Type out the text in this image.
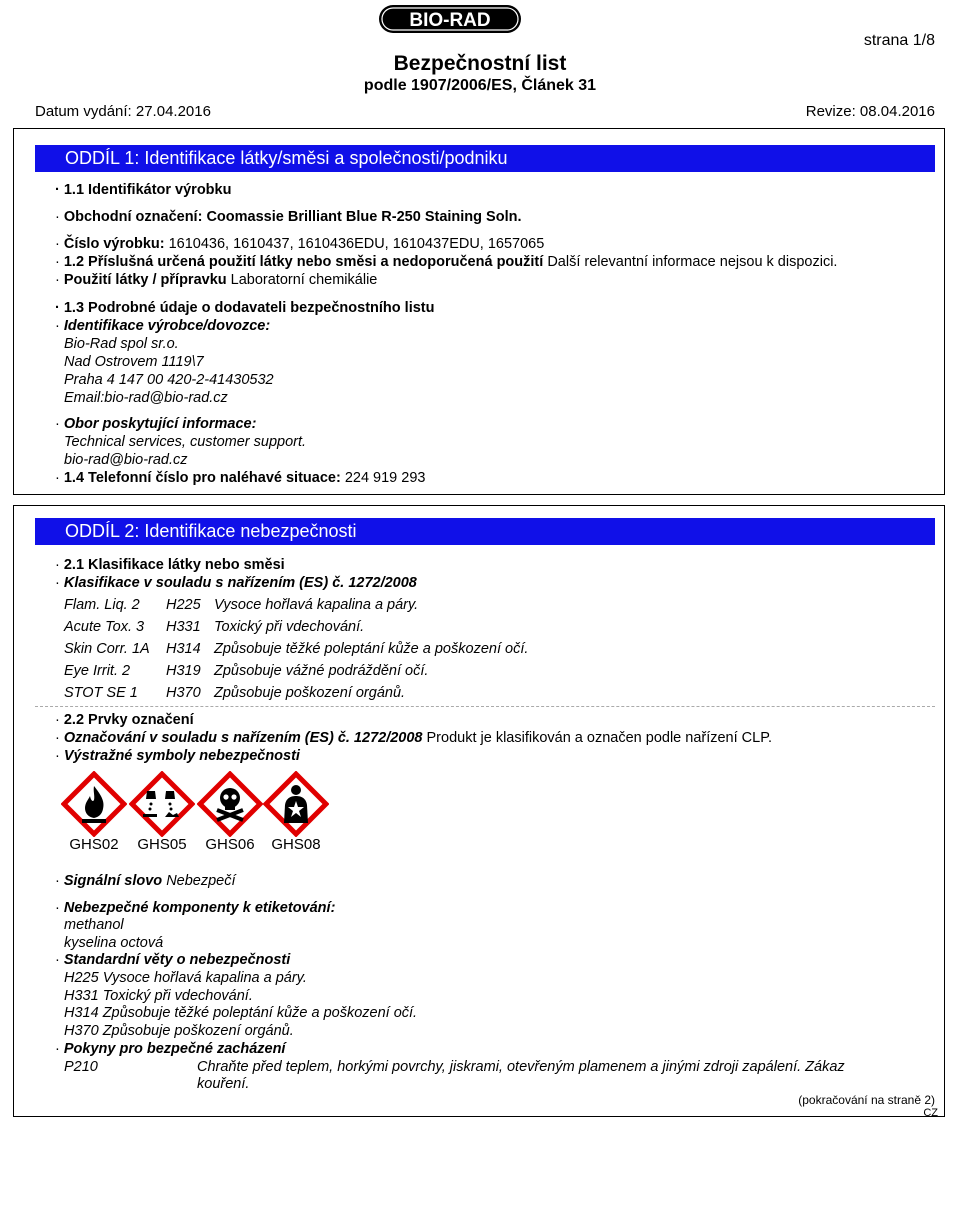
BIO-RAD
Bezpečnostní list
podle 1907/2006/ES, Článek 31
strana 1/8
Datum vydání: 27.04.2016	Revize: 08.04.2016
ODDÍL 1: Identifikace látky/směsi a společnosti/podniku
· 1.1 Identifikátor výrobku
· Obchodní označení: Coomassie Brilliant Blue R-250 Staining Soln.
· Číslo výrobku: 1610436, 1610437, 1610436EDU, 1610437EDU, 1657065
· 1.2 Příslušná určená použití látky nebo směsi a nedoporučená použití Další relevantní informace nejsou k dispozici.
· Použití látky / přípravku Laboratorní chemikálie
· 1.3 Podrobné údaje o dodavateli bezpečnostního listu
· Identifikace výrobce/dovozce:
Bio-Rad spol sr.o.
Nad Ostrovem 1119\7
Praha 4 147 00 420-2-41430532
Email:bio-rad@bio-rad.cz
· Obor poskytující informace:
Technical services, customer support.
bio-rad@bio-rad.cz
· 1.4 Telefonní číslo pro naléhavé situace: 224 919 293
ODDÍL 2: Identifikace nebezpečnosti
· 2.1 Klasifikace látky nebo směsi
· Klasifikace v souladu s nařízením (ES) č. 1272/2008
Flam. Liq. 2 H225 Vysoce hořlavá kapalina a páry.
Acute Tox. 3 H331 Toxický při vdechování.
Skin Corr. 1A H314 Způsobuje těžké poleptání kůže a poškození očí.
Eye Irrit. 2 H319 Způsobuje vážné podráždění očí.
STOT SE 1 H370 Způsobuje poškození orgánů.
· 2.2 Prvky označení
· Označování v souladu s nařízením (ES) č. 1272/2008 Produkt je klasifikován a označen podle nařízení CLP.
· Výstražné symboly nebezpečnosti
GHS02	GHS05	GHS06	GHS08
· Signální slovo Nebezpečí
· Nebezpečné komponenty k etiketování:
methanol
kyselina octová
· Standardní věty o nebezpečnosti
H225 Vysoce hořlavá kapalina a páry.
H331 Toxický při vdechování.
H314 Způsobuje těžké poleptání kůže a poškození očí.
H370 Způsobuje poškození orgánů.
· Pokyny pro bezpečné zacházení
P210	Chraňte před teplem, horkými povrchy, jiskrami, otevřeným plamenem a jinými zdroji zapálení. Zákaz
kouření.
(pokračování na straně 2)
CZ
